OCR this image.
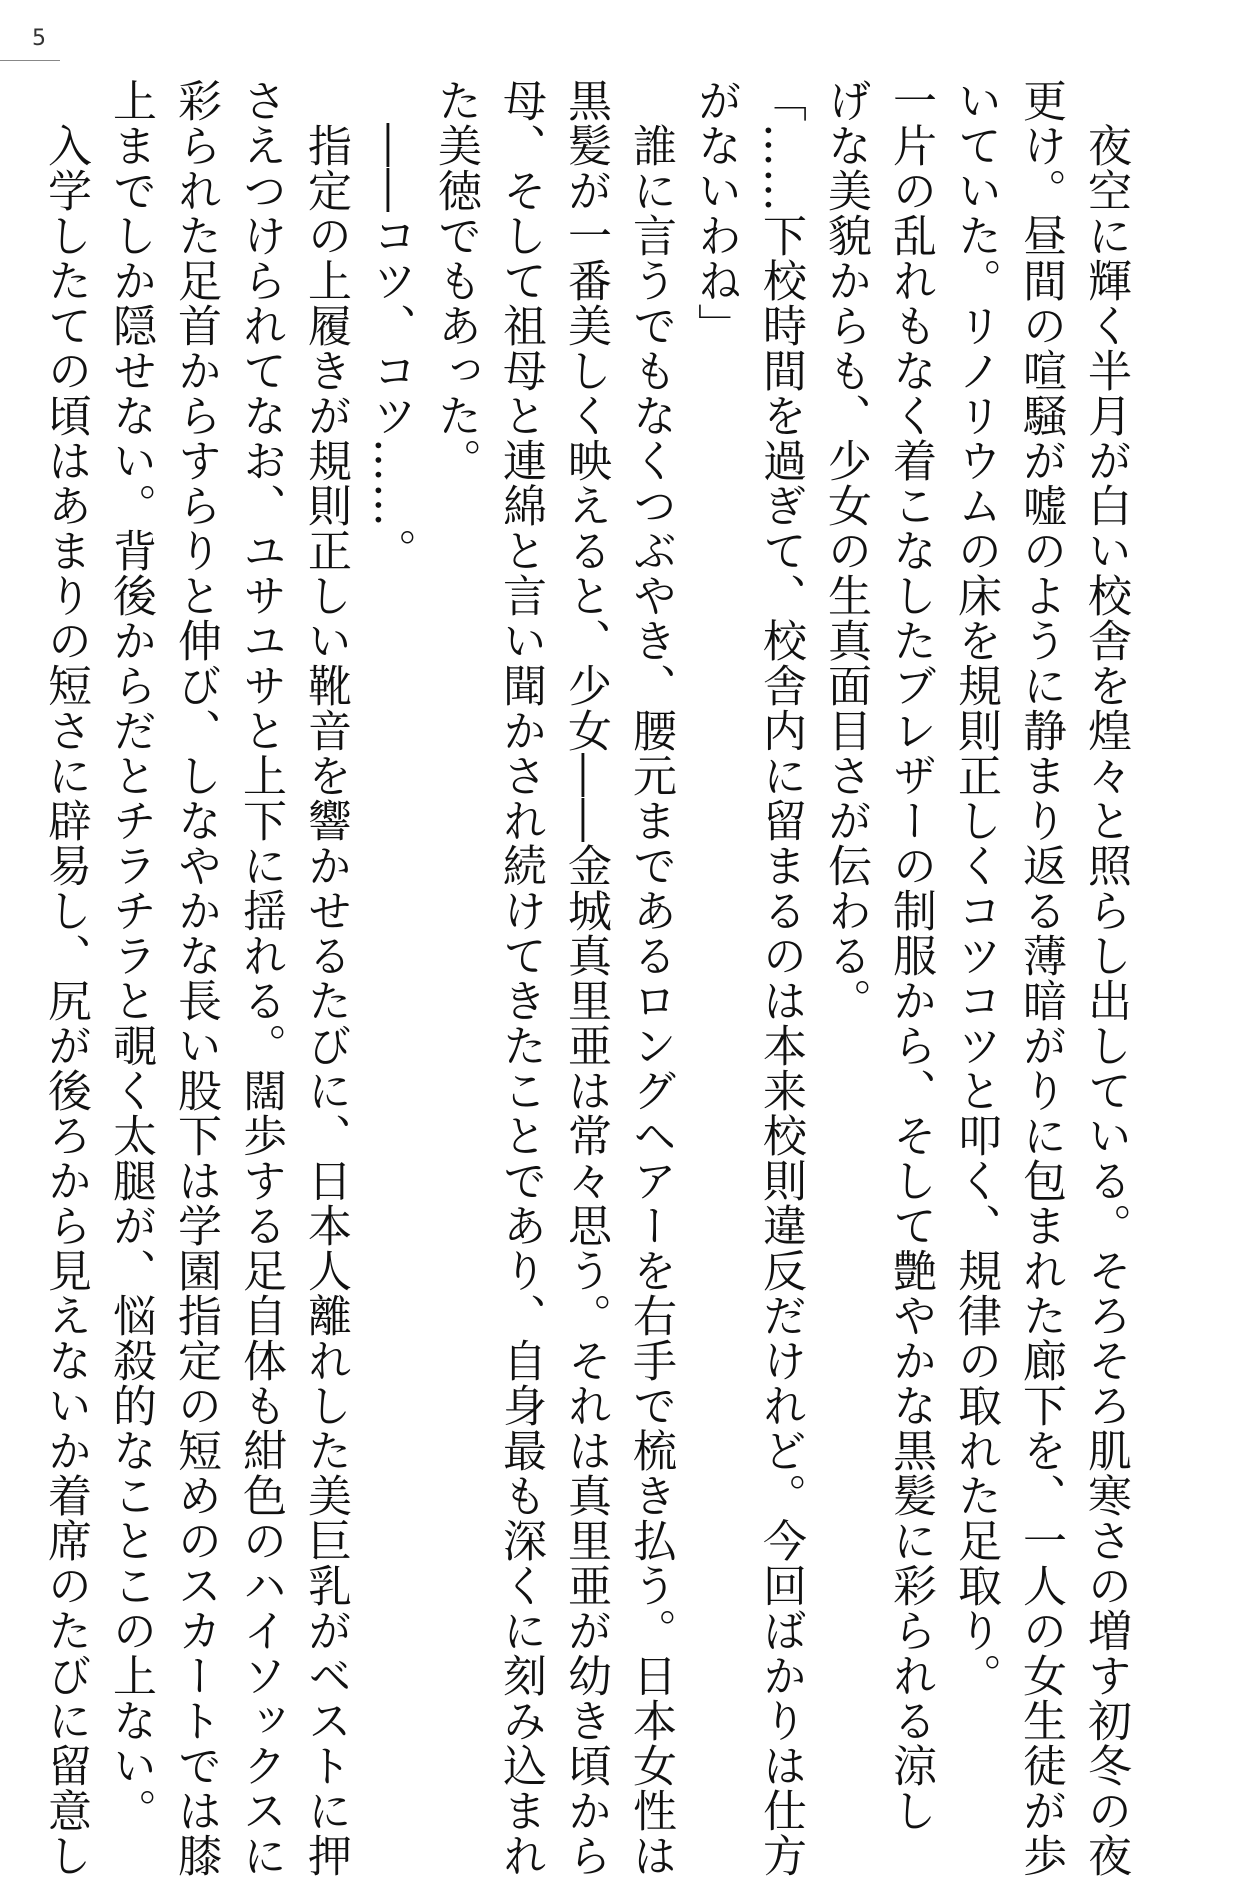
5

　夜空に輝く半月が白い校舎を煌々と照らし出している。そろそろ肌寒さの増す初冬の夜

更け。昼間の喧騒が嘘のように静まり返る薄暗がりに包まれた廊下を、一人の女生徒が歩

いていた。リノリウムの床を規則正しくコツコツと叩く、規律の取れた足取り。

一片の乱れもなく着こなしたブレザーの制服から、そして艶やかな黒髪に彩られる涼し

げな美貌からも、少女の生真面目さが伝わる。

「……下校時間を過ぎて、校舎内に留まるのは本来校則違反だけれど。今回ばかりは仕方

がないわね」

　誰に言うでもなくつぶやき、腰元まであるロングヘアーを右手で梳き払う。日本女性は

黒髪が一番美しく映えると、少女――金城真里亜は常々思う。それは真里亜が幼き頃から

母、そして祖母と連綿と言い聞かされ続けてきたことであり、自身最も深くに刻み込まれ

た美徳でもあった。

　――コツ、コツ……。

　指定の上履きが規則正しい靴音を響かせるたびに、日本人離れした美巨乳がベストに押

さえつけられてなお、ユサユサと上下に揺れる。闊歩する足自体も紺色のハイソックスに

彩られた足首からすらりと伸び、しなやかな長い股下は学園指定の短めのスカートでは膝

上までしか隠せない。背後からだとチラチラと覗く太腿が、悩殺的なことこの上ない。

　入学したての頃はあまりの短さに辟易し、尻が後ろから見えないか着席のたびに留意し
